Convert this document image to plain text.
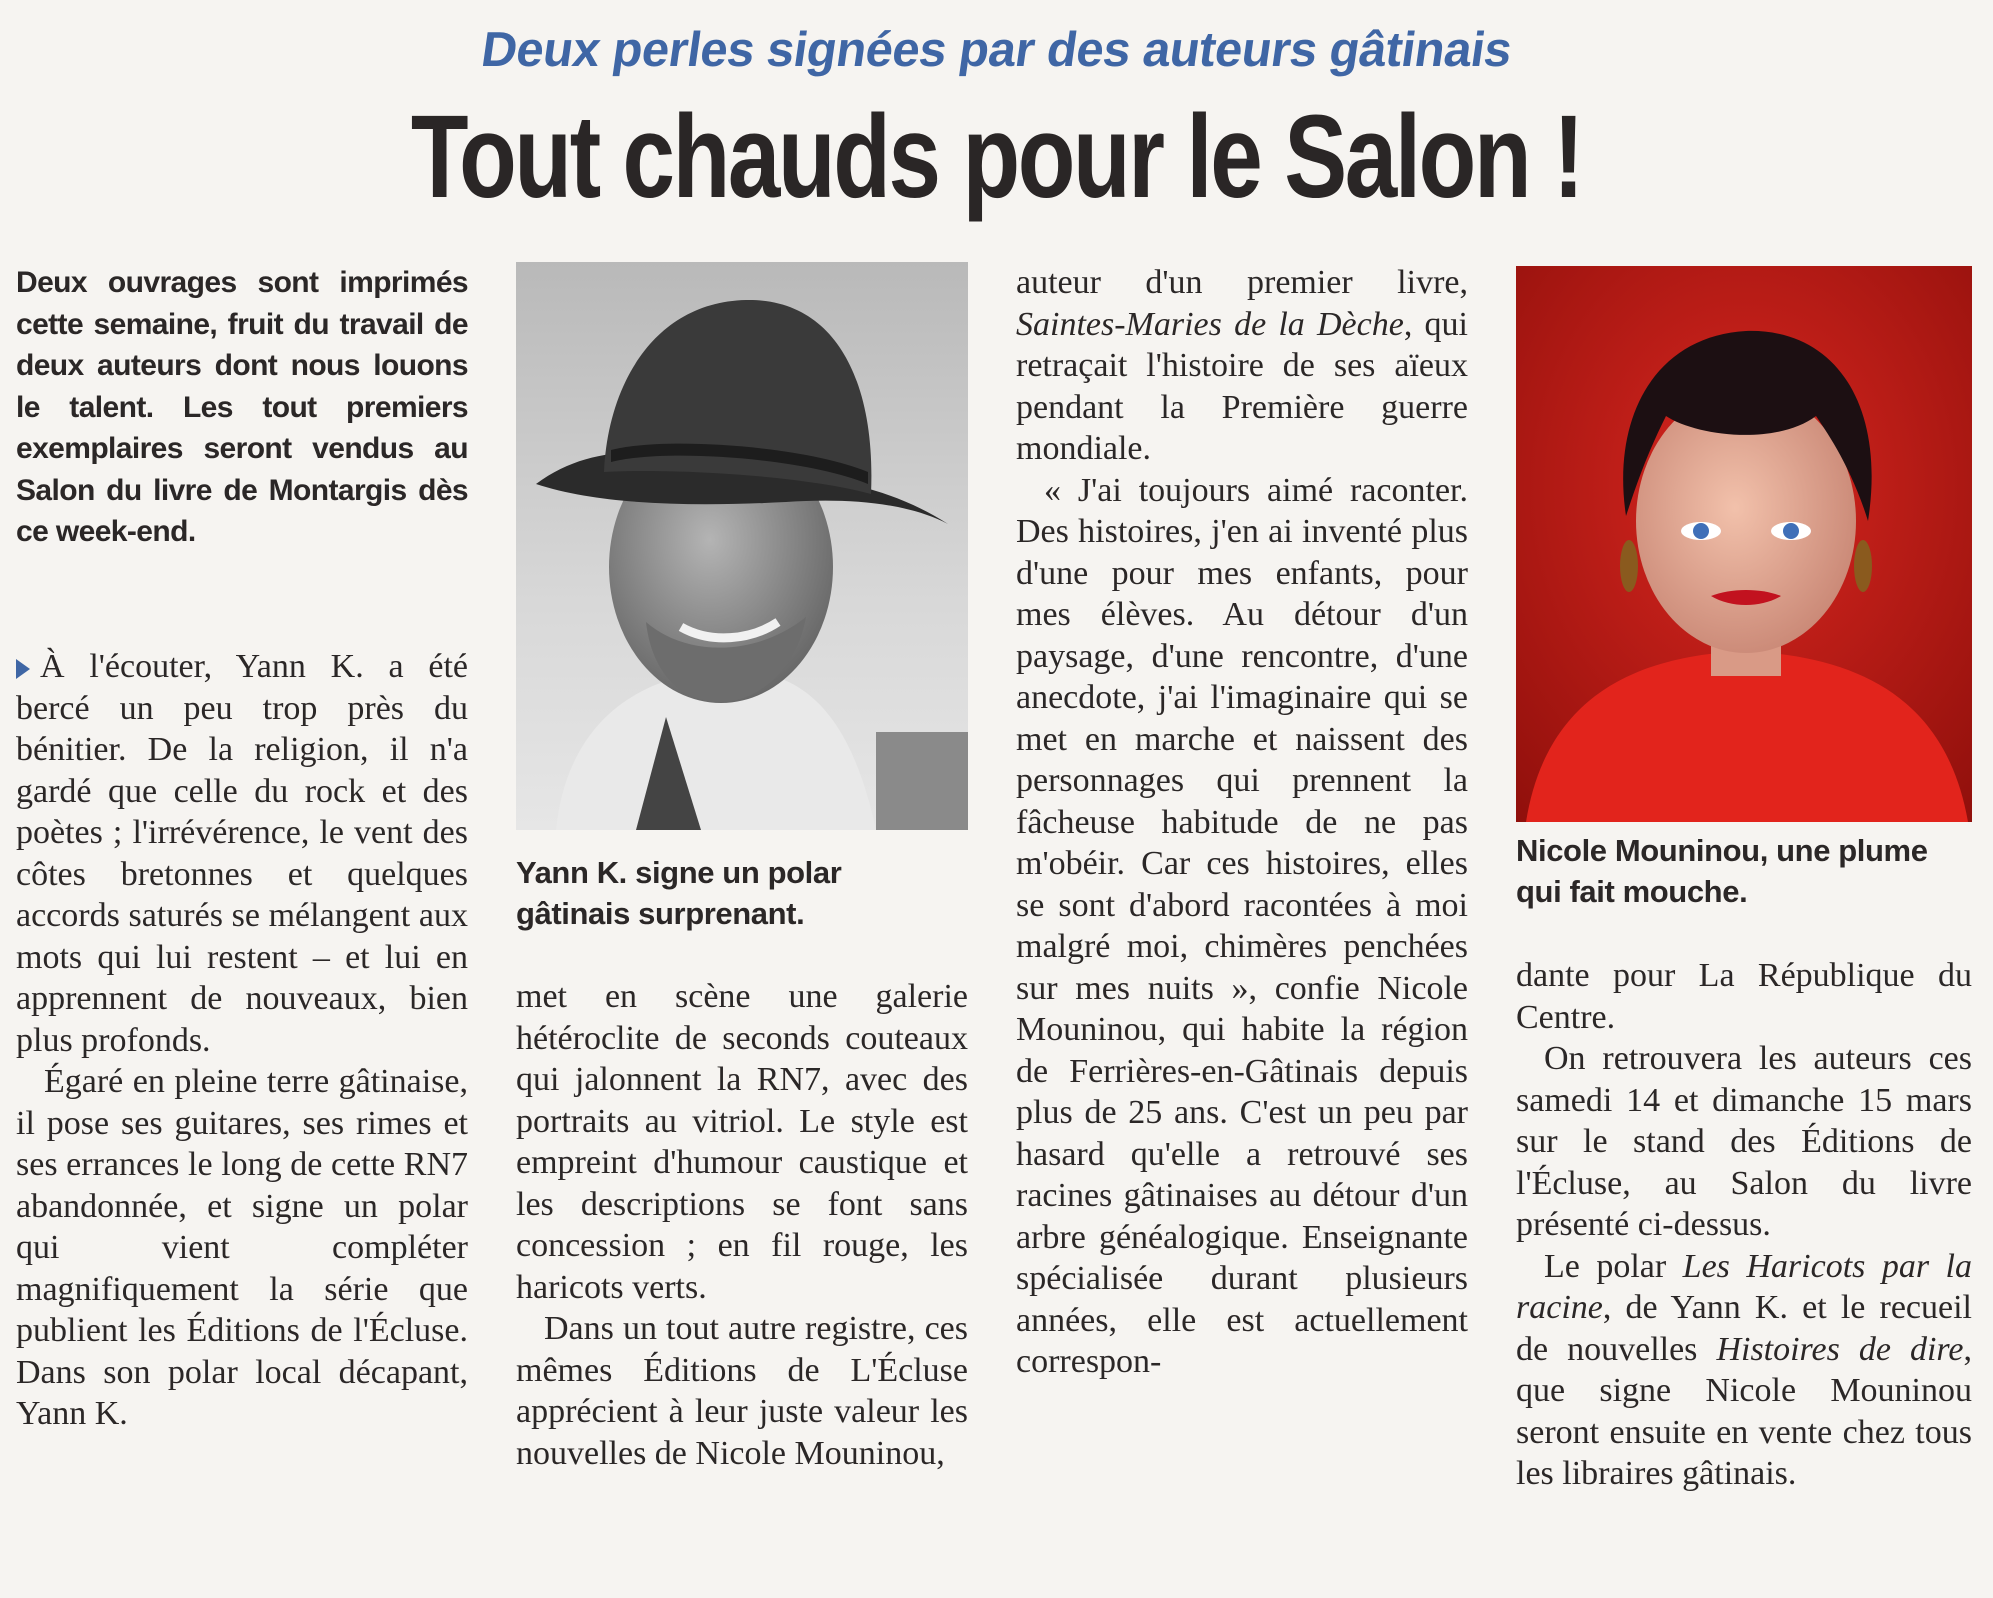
Deux perles signées par des auteurs gâtinais
Tout chauds pour le Salon !
Deux ouvrages sont imprimés cette semaine, fruit du travail de deux auteurs dont nous louons le talent. Les tout premiers exemplaires seront vendus au Salon du livre de Montargis dès ce week-end.

À l'écouter, Yann K. a été bercé un peu trop près du bénitier. De la religion, il n'a gardé que celle du rock et des poètes ; l'irrévérence, le vent des côtes bretonnes et quelques accords saturés se mélangent aux mots qui lui restent – et lui en apprennent de nouveaux, bien plus profonds.

Égaré en pleine terre gâtinaise, il pose ses guitares, ses rimes et ses errances le long de cette RN7 abandonnée, et signe un polar qui vient compléter magnifiquement la série que publient les Éditions de l'Écluse. Dans son polar local décapant, Yann K.

Yann K. signe un polar gâtinais surprenant.

met en scène une galerie hétéroclite de seconds couteaux qui jalonnent la RN7, avec des portraits au vitriol. Le style est empreint d'humour caustique et les descriptions se font sans concession ; en fil rouge, les haricots verts.

Dans un tout autre registre, ces mêmes Éditions de L'Écluse apprécient à leur juste valeur les nouvelles de Nicole Mouninou,

auteur d'un premier livre, Saintes-Maries de la Dèche, qui retraçait l'histoire de ses aïeux pendant la Première guerre mondiale.

« J'ai toujours aimé raconter. Des histoires, j'en ai inventé plus d'une pour mes enfants, pour mes élèves. Au détour d'un paysage, d'une rencontre, d'une anecdote, j'ai l'imaginaire qui se met en marche et naissent des personnages qui prennent la fâcheuse habitude de ne pas m'obéir. Car ces histoires, elles se sont d'abord racontées à moi malgré moi, chimères penchées sur mes nuits », confie Nicole Mouninou, qui habite la région de Ferrières-en-Gâtinais depuis plus de 25 ans. C'est un peu par hasard qu'elle a retrouvé ses racines gâtinaises au détour d'un arbre généalogique. Enseignante spécialisée durant plusieurs années, elle est actuellement correspon-

Nicole Mouninou, une plume qui fait mouche.

dante pour La République du Centre.

On retrouvera les auteurs ces samedi 14 et dimanche 15 mars sur le stand des Éditions de l'Écluse, au Salon du livre présenté ci-dessus.

Le polar Les Haricots par la racine, de Yann K. et le recueil de nouvelles Histoires de dire, que signe Nicole Mouninou seront ensuite en vente chez tous les libraires gâtinais.
